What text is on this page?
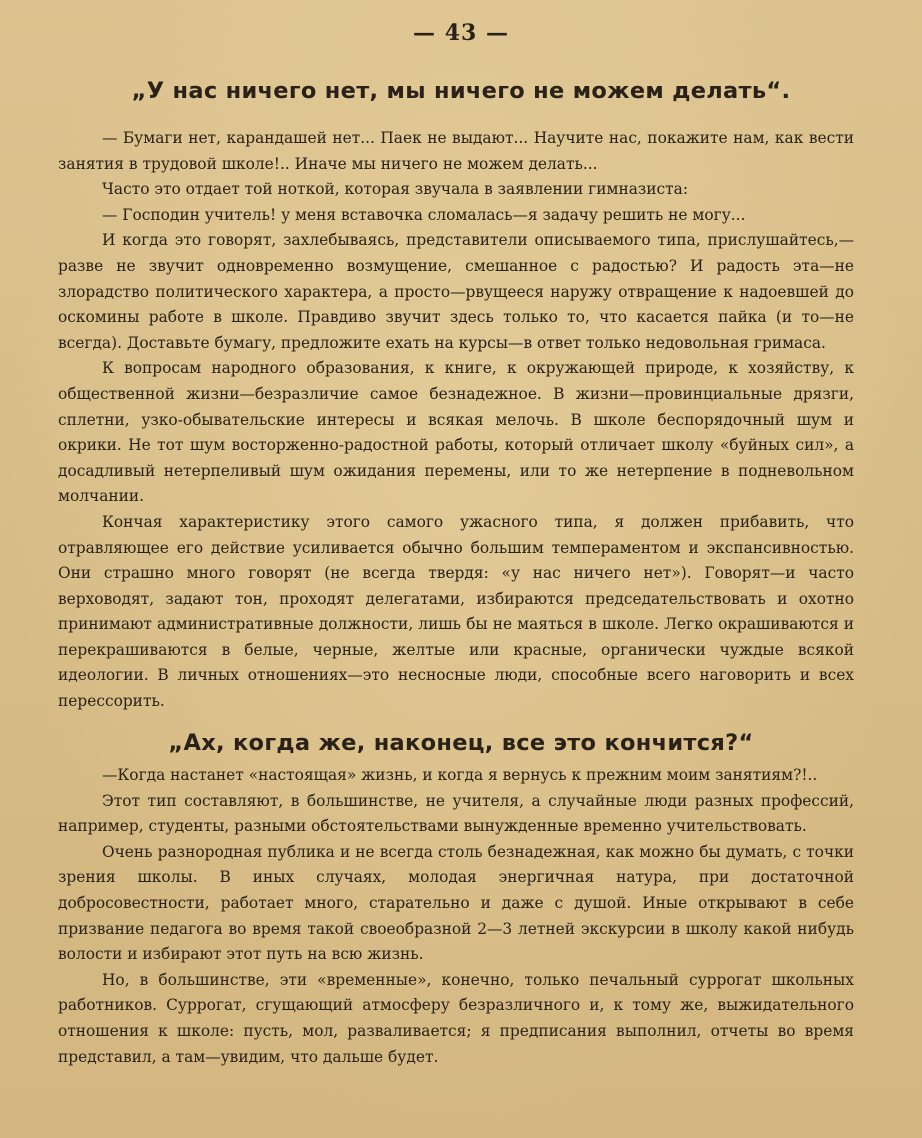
— 43 —
„У нас ничего нет, мы ничего не можем делать“.

— Бумаги нет, карандашей нет... Паек не выдают... Научите нас, покажите нам, как вести занятия в трудовой школе!.. Иначе мы ничего не можем делать...

Часто это отдает той ноткой, которая звучала в заявлении гимназиста:

— Господин учитель! у меня вставочка сломалась—я задачу решить не могу...

И когда это говорят, захлебываясь, представители описываемого типа, прислушайтесь,—разве не звучит одновременно возмущение, смешанное с радостью? И радость эта—не злорадство политического характера, а просто—рвущееся наружу отвращение к надоевшей до оскомины работе в школе. Правдиво звучит здесь только то, что касается пайка (и то—не всегда). Доставьте бумагу, предложите ехать на курсы—в ответ только недовольная гримаса.

К вопросам народного образования, к книге, к окружающей природе, к хозяйству, к общественной жизни—безразличие самое безнадежное. В жизни—провинциальные дрязги, сплетни, узко-обывательские интересы и всякая мелочь. В школе беспорядочный шум и окрики. Не тот шум восторженно-радостной работы, который отличает школу «буйных сил», а досадливый нетерпеливый шум ожидания перемены, или то же нетерпение в подневольном молчании.

Кончая характеристику этого самого ужасного типа, я должен прибавить, что отравляющее его действие усиливается обычно большим темпераментом и экспансивностью. Они страшно много говорят (не всегда твердя: «у нас ничего нет»). Говорят—и часто верховодят, задают тон, проходят делегатами, избираются председательствовать и охотно принимают административные должности, лишь бы не маяться в школе. Легко окрашиваются и перекрашиваются в белые, черные, желтые или красные, органически чуждые всякой идеологии. В личных отношениях—это несносные люди, способные всего наговорить и всех перессорить.

„Ах, когда же, наконец, все это кончится?“

—Когда настанет «настоящая» жизнь, и когда я вернусь к прежним моим занятиям?!..

Этот тип составляют, в большинстве, не учителя, а случайные люди разных профессий, например, студенты, разными обстоятельствами вынужденные временно учительствовать.

Очень разнородная публика и не всегда столь безнадежная, как можно бы думать, с точки зрения школы. В иных случаях, молодая энергичная натура, при достаточной добросовестности, работает много, старательно и даже с душой. Иные открывают в себе призвание педагога во время такой своеобразной 2—3 летней экскурсии в школу какой нибудь волости и избирают этот путь на всю жизнь.

Но, в большинстве, эти «временные», конечно, только печальный суррогат школьных работников. Суррогат, сгущающий атмосферу безразличного и, к тому же, выжидательного отношения к школе: пусть, мол, разваливается; я предписания выполнил, отчеты во время представил, а там—увидим, что дальше будет.
